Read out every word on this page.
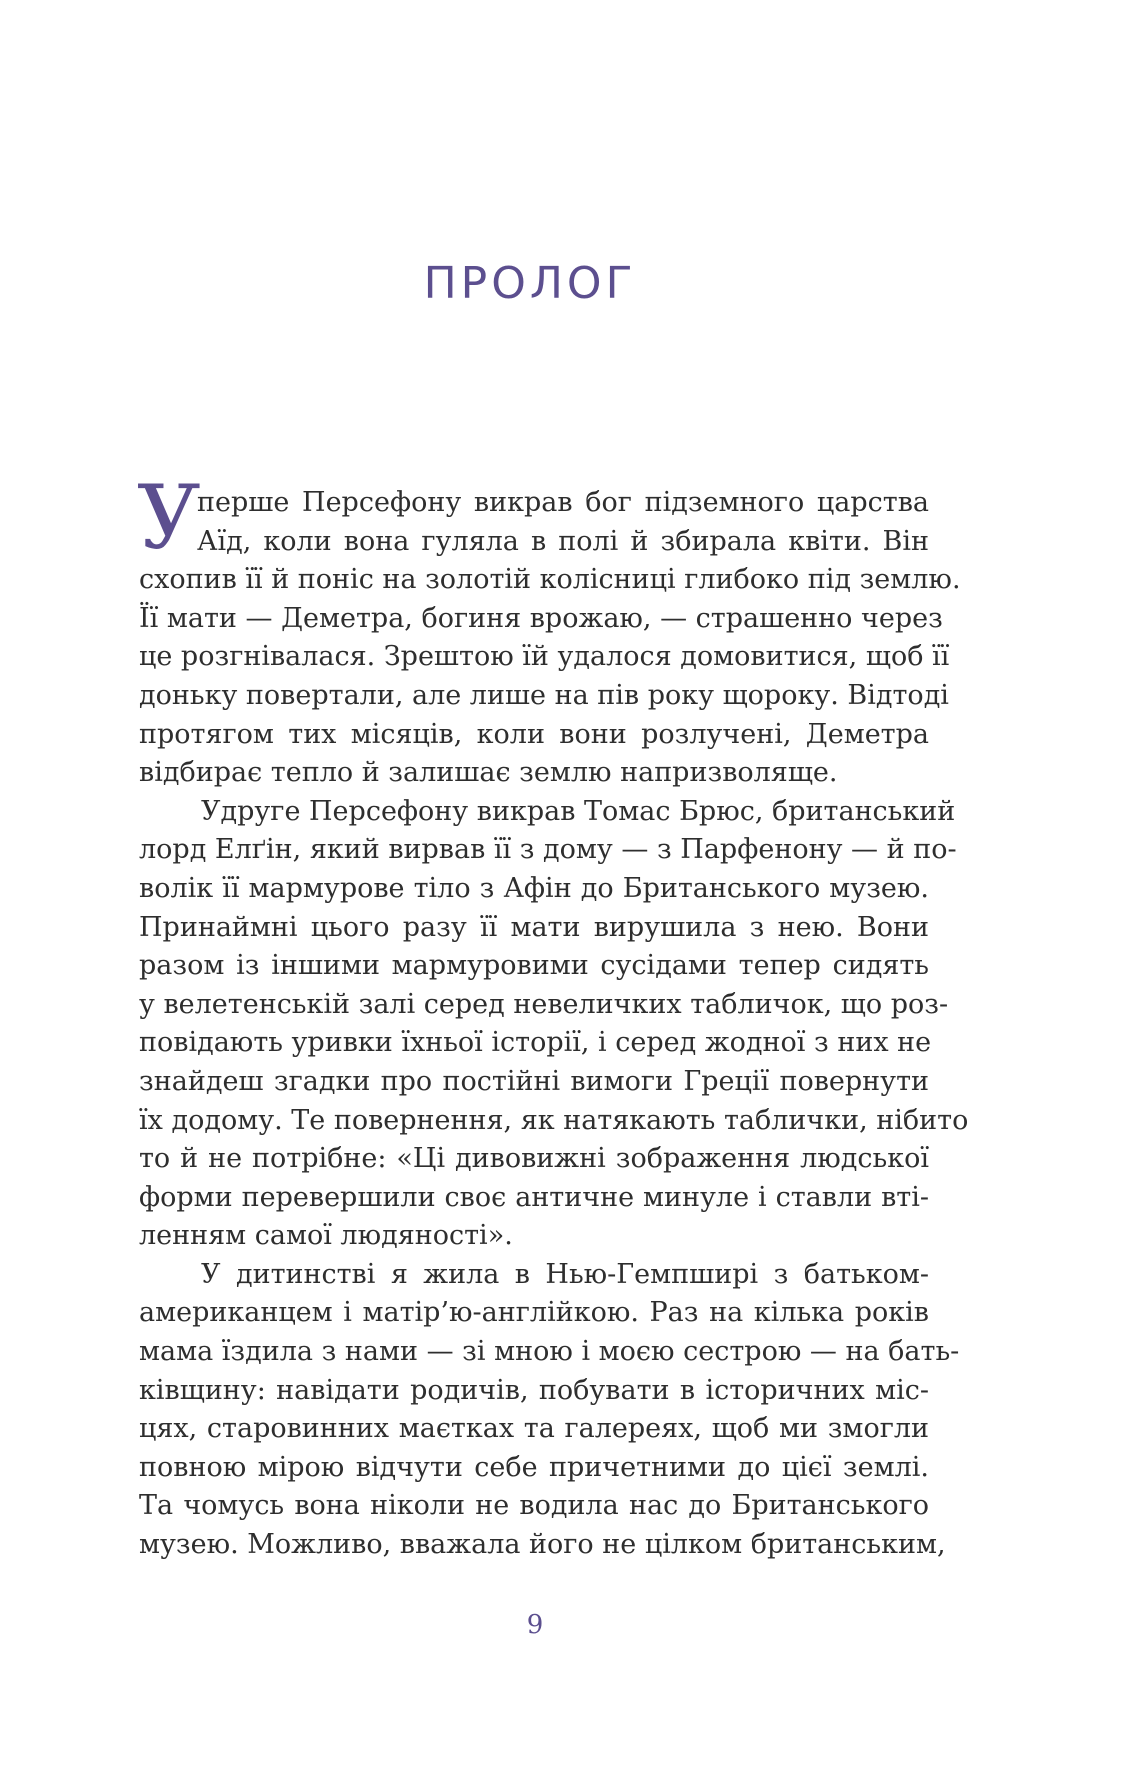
ПРОЛОГ
У
перше Персефону викрав бог підземного царства
Аїд, коли вона гуляла в полі й збирала квіти. Він
схопив її й поніс на золотій колісниці глибоко під землю.
Її мати — Деметра, богиня врожаю, — страшенно через
це розгнівалася. Зрештою їй удалося домовитися, щоб її
доньку повертали, але лише на пів року щороку. Відтоді
протягом тих місяців, коли вони розлучені, Деметра
відбирає тепло й залишає землю напризволяще.
Удруге Персефону викрав Томас Брюс, британський
лорд Елґін, який вирвав її з дому — з Парфенону — й по-
волік її мармурове тіло з Афін до Британського музею.
Принаймні цього разу її мати вирушила з нею. Вони
разом із іншими мармуровими сусідами тепер сидять
у велетенській залі серед невеличких табличок, що роз-
повідають уривки їхньої історії, і серед жодної з них не
знайдеш згадки про постійні вимоги Греції повернути
їх додому. Те повернення, як натякають таблички, нібито
то й не потрібне: «Ці дивовижні зображення людської
форми перевершили своє античне минуле і ставли вті-
ленням самої людяності».
У дитинстві я жила в Нью-Гемпширі з батьком-
американцем і матір’ю-англійкою. Раз на кілька років
мама їздила з нами — зі мною і моєю сестрою — на бать-
ківщину: навідати родичів, побувати в історичних міс-
цях, старовинних маєтках та галереях, щоб ми змогли
повною мірою відчути себе причетними до цієї землі.
Та чомусь вона ніколи не водила нас до Британського
музею. Можливо, вважала його не цілком британським,
9
